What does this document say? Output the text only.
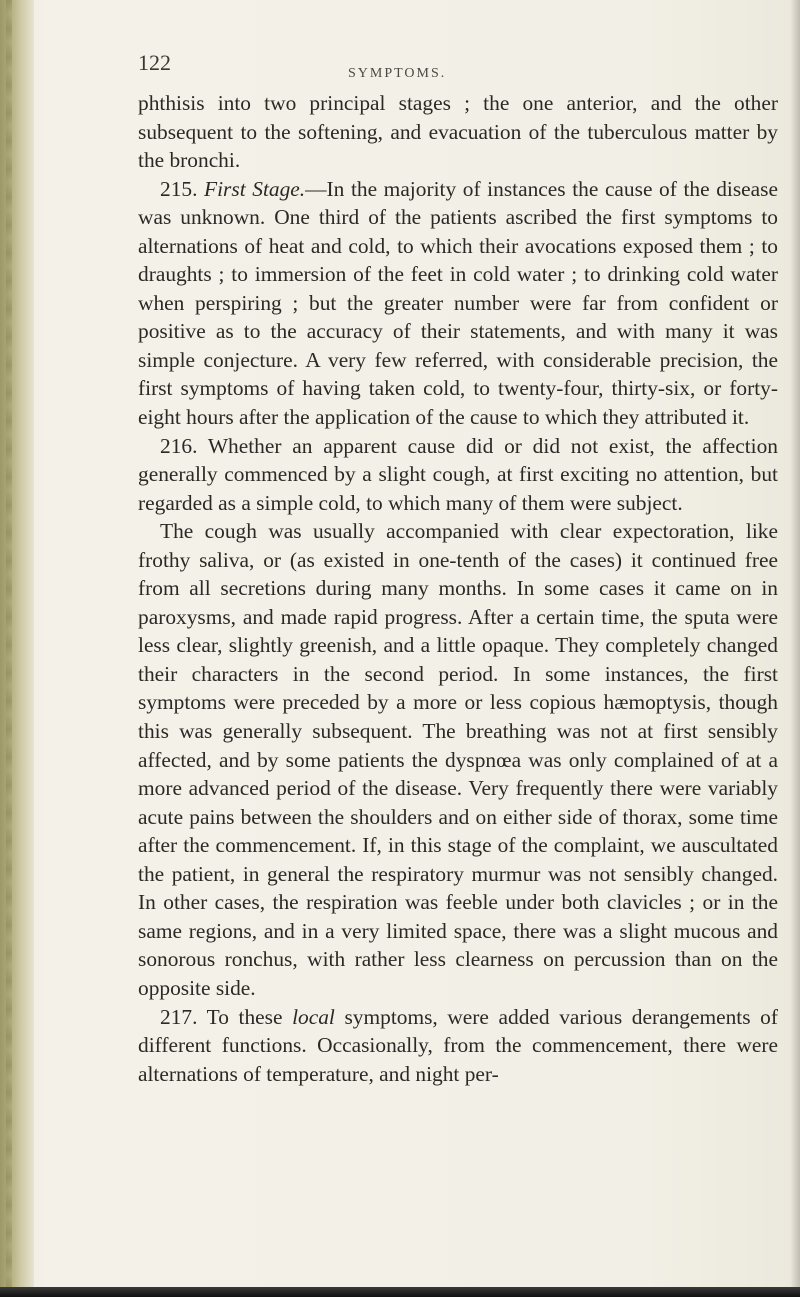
122	SYMPTOMS.

phthisis into two principal stages ; the one anterior, and the other subsequent to the softening, and evacuation of the tuberculous matter by the bronchi.

215. First Stage.—In the majority of instances the cause of the disease was unknown. One third of the patients ascribed the first symptoms to alternations of heat and cold, to which their avocations exposed them ; to draughts ; to immersion of the feet in cold water ; to drinking cold water when perspiring ; but the greater number were far from confident or positive as to the accuracy of their statements, and with many it was simple conjecture. A very few referred, with considerable precision, the first symptoms of having taken cold, to twenty-four, thirty-six, or forty-eight hours after the application of the cause to which they attributed it.

216. Whether an apparent cause did or did not exist, the affection generally commenced by a slight cough, at first exciting no attention, but regarded as a simple cold, to which many of them were subject.

The cough was usually accompanied with clear expectoration, like frothy saliva, or (as existed in one-tenth of the cases) it continued free from all secretions during many months. In some cases it came on in paroxysms, and made rapid progress. After a certain time, the sputa were less clear, slightly greenish, and a little opaque. They completely changed their characters in the second period. In some instances, the first symptoms were preceded by a more or less copious hæmoptysis, though this was generally subsequent. The breathing was not at first sensibly affected, and by some patients the dyspnœa was only complained of at a more advanced period of the disease. Very frequently there were variably acute pains between the shoulders and on either side of thorax, some time after the commencement. If, in this stage of the complaint, we auscultated the patient, in general the respiratory murmur was not sensibly changed. In other cases, the respiration was feeble under both clavicles ; or in the same regions, and in a very limited space, there was a slight mucous and sonorous ronchus, with rather less clearness on percussion than on the opposite side.

217. To these local symptoms, were added various derangements of different functions. Occasionally, from the commencement, there were alternations of temperature, and night per-
